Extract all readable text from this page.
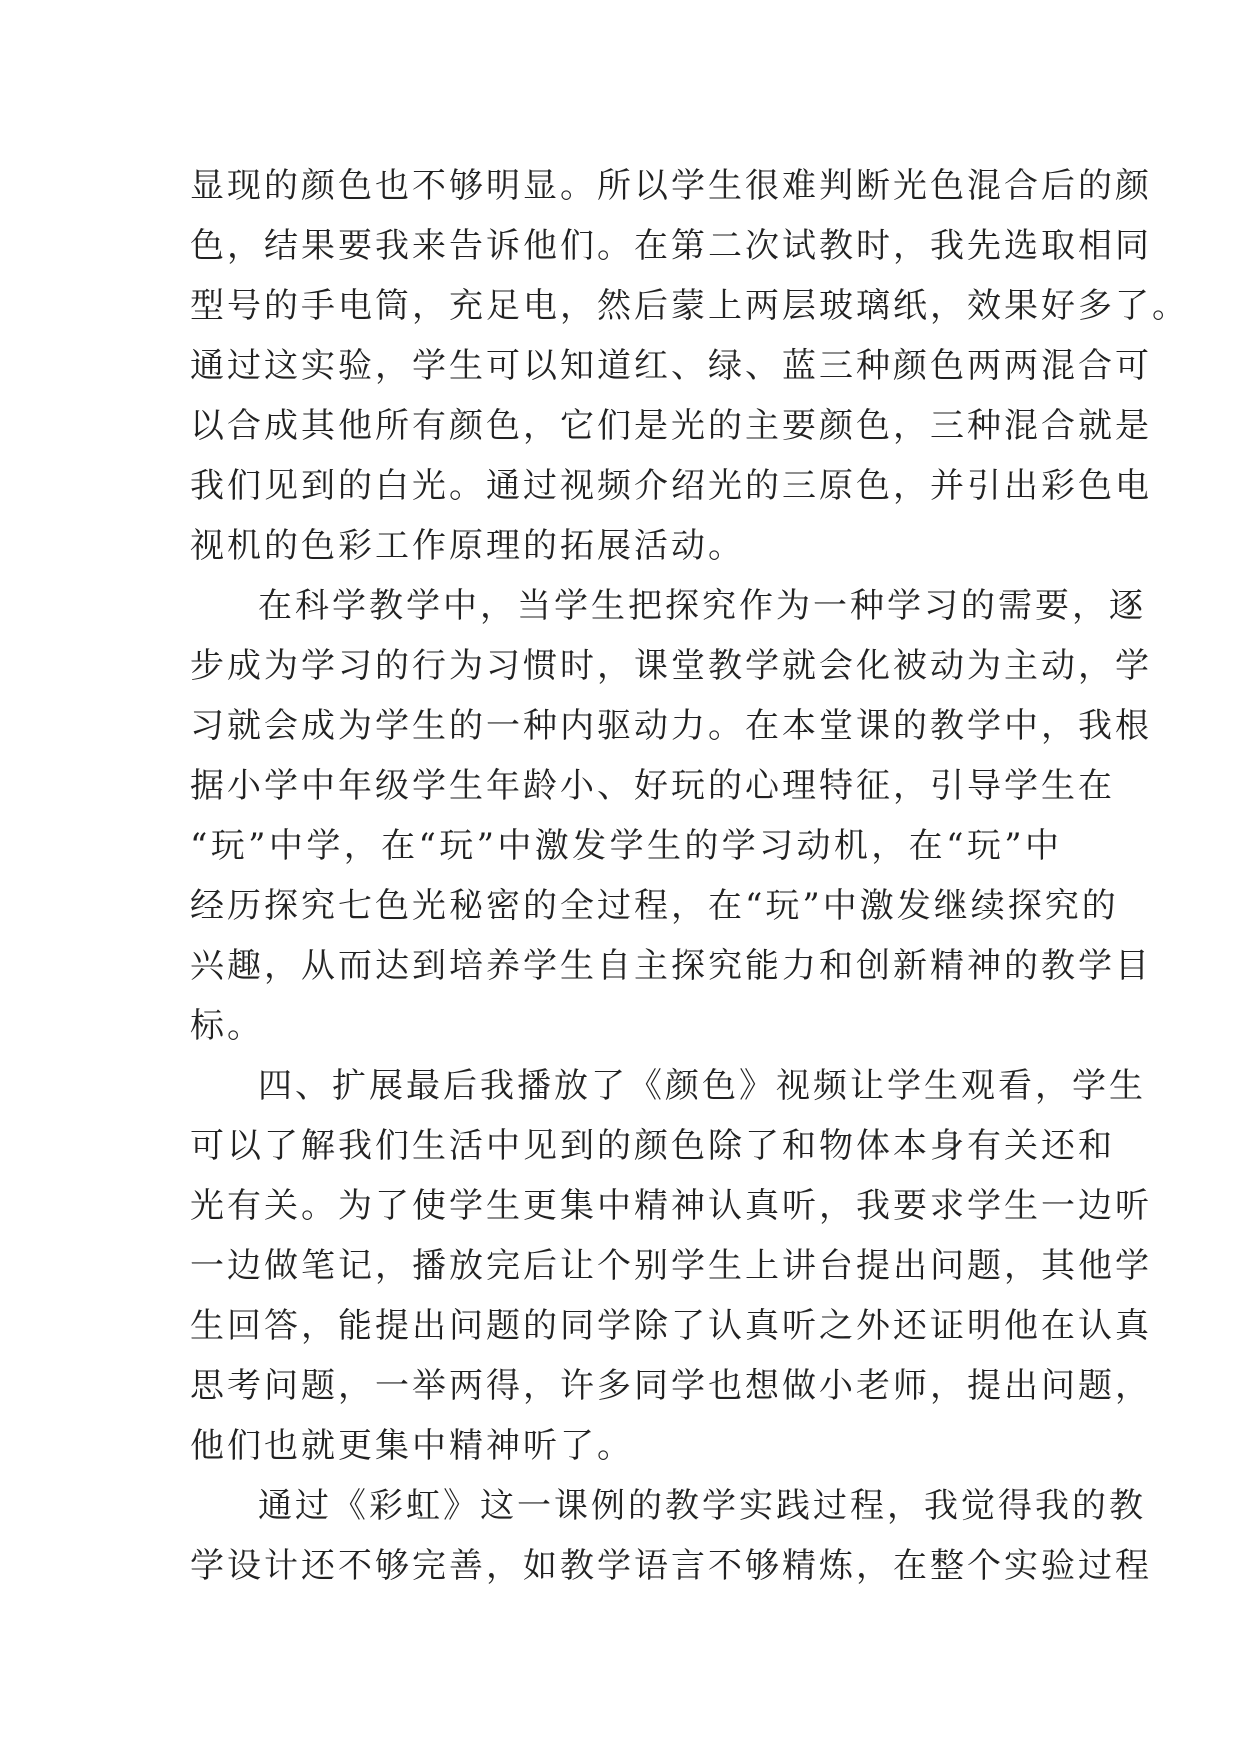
显现的颜色也不够明显。所以学生很难判断光色混合后的颜
色，结果要我来告诉他们。在第二次试教时，我先选取相同
型号的手电筒，充足电，然后蒙上两层玻璃纸，效果好多了。
通过这实验，学生可以知道红、绿、蓝三种颜色两两混合可
以合成其他所有颜色，它们是光的主要颜色，三种混合就是
我们见到的白光。通过视频介绍光的三原色，并引出彩色电
视机的色彩工作原理的拓展活动。
在科学教学中，当学生把探究作为一种学习的需要，逐
步成为学习的行为习惯时，课堂教学就会化被动为主动，学
习就会成为学生的一种内驱动力。在本堂课的教学中，我根
据小学中年级学生年龄小、好玩的心理特征，引导学生在
“玩”中学，在“玩”中激发学生的学习动机，在“玩”中
经历探究七色光秘密的全过程，在“玩”中激发继续探究的
兴趣，从而达到培养学生自主探究能力和创新精神的教学目
标。
四、扩展最后我播放了《颜色》视频让学生观看，学生
可以了解我们生活中见到的颜色除了和物体本身有关还和
光有关。为了使学生更集中精神认真听，我要求学生一边听
一边做笔记，播放完后让个别学生上讲台提出问题，其他学
生回答，能提出问题的同学除了认真听之外还证明他在认真
思考问题，一举两得，许多同学也想做小老师，提出问题，
他们也就更集中精神听了。
通过《彩虹》这一课例的教学实践过程，我觉得我的教
学设计还不够完善，如教学语言不够精炼，在整个实验过程
